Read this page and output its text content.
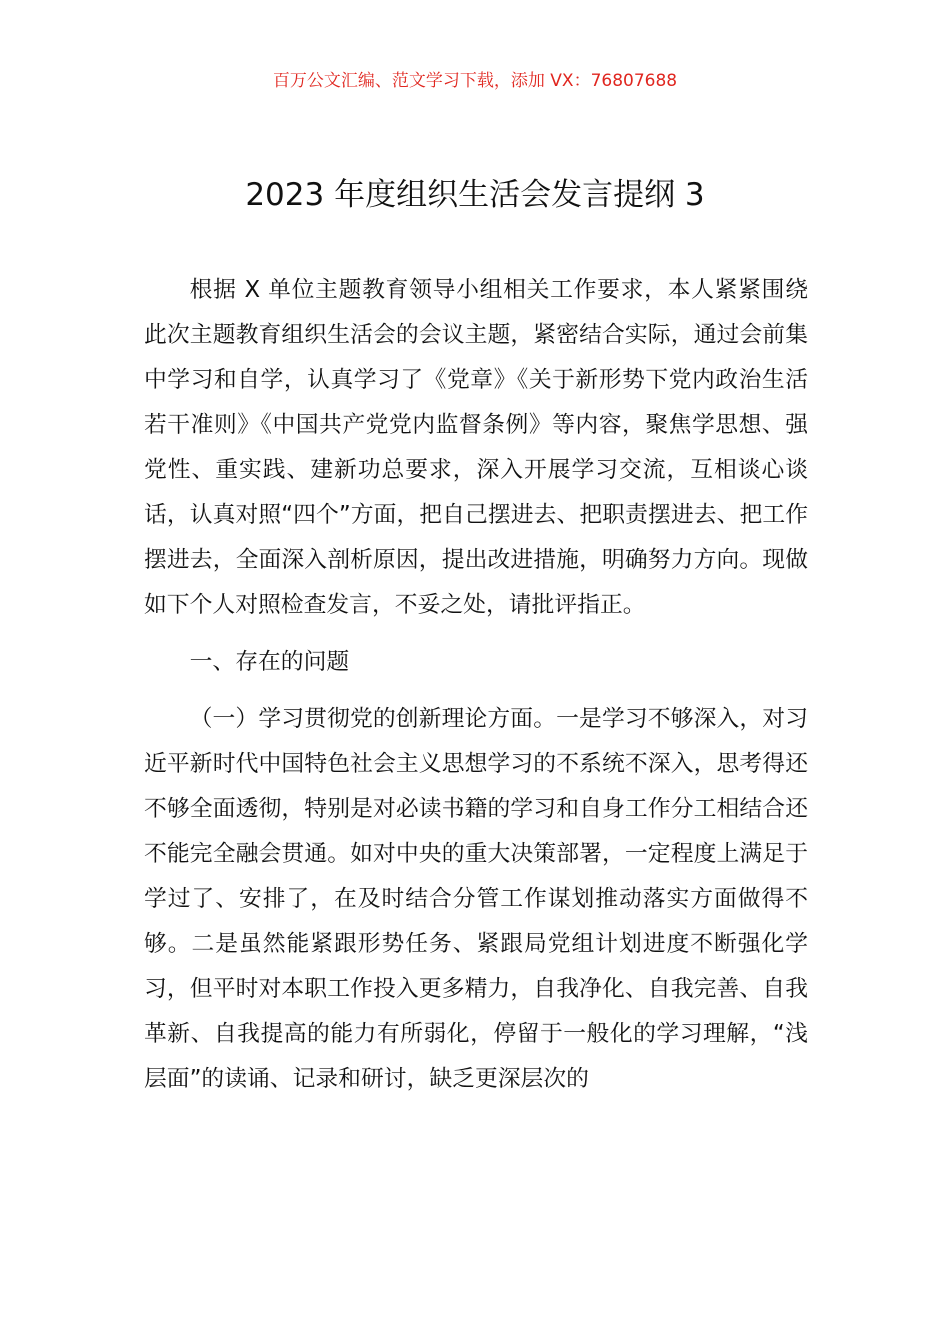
百万公文汇编、范文学习下载，添加 VX：76807688
2023 年度组织生活会发言提纲 3

根据 X 单位主题教育领导小组相关工作要求，本人紧紧围绕此次主题教育组织生活会的会议主题，紧密结合实际，通过会前集中学习和自学，认真学习了《党章》《关于新形势下党内政治生活若干准则》《中国共产党党内监督条例》等内容，聚焦学思想、强党性、重实践、建新功总要求，深入开展学习交流，互相谈心谈话，认真对照“四个”方面，把自己摆进去、把职责摆进去、把工作摆进去，全面深入剖析原因，提出改进措施，明确努力方向。现做如下个人对照检查发言，不妥之处，请批评指正。

一、存在的问题

（一）学习贯彻党的创新理论方面。一是学习不够深入，对习近平新时代中国特色社会主义思想学习的不系统不深入，思考得还不够全面透彻，特别是对必读书籍的学习和自身工作分工相结合还不能完全融会贯通。如对中央的重大决策部署，一定程度上满足于学过了、安排了，在及时结合分管工作谋划推动落实方面做得不够。二是虽然能紧跟形势任务、紧跟局党组计划进度不断强化学习，但平时对本职工作投入更多精力，自我净化、自我完善、自我革新、自我提高的能力有所弱化，停留于一般化的学习理解，“浅层面”的读诵、记录和研讨，缺乏更深层次的
